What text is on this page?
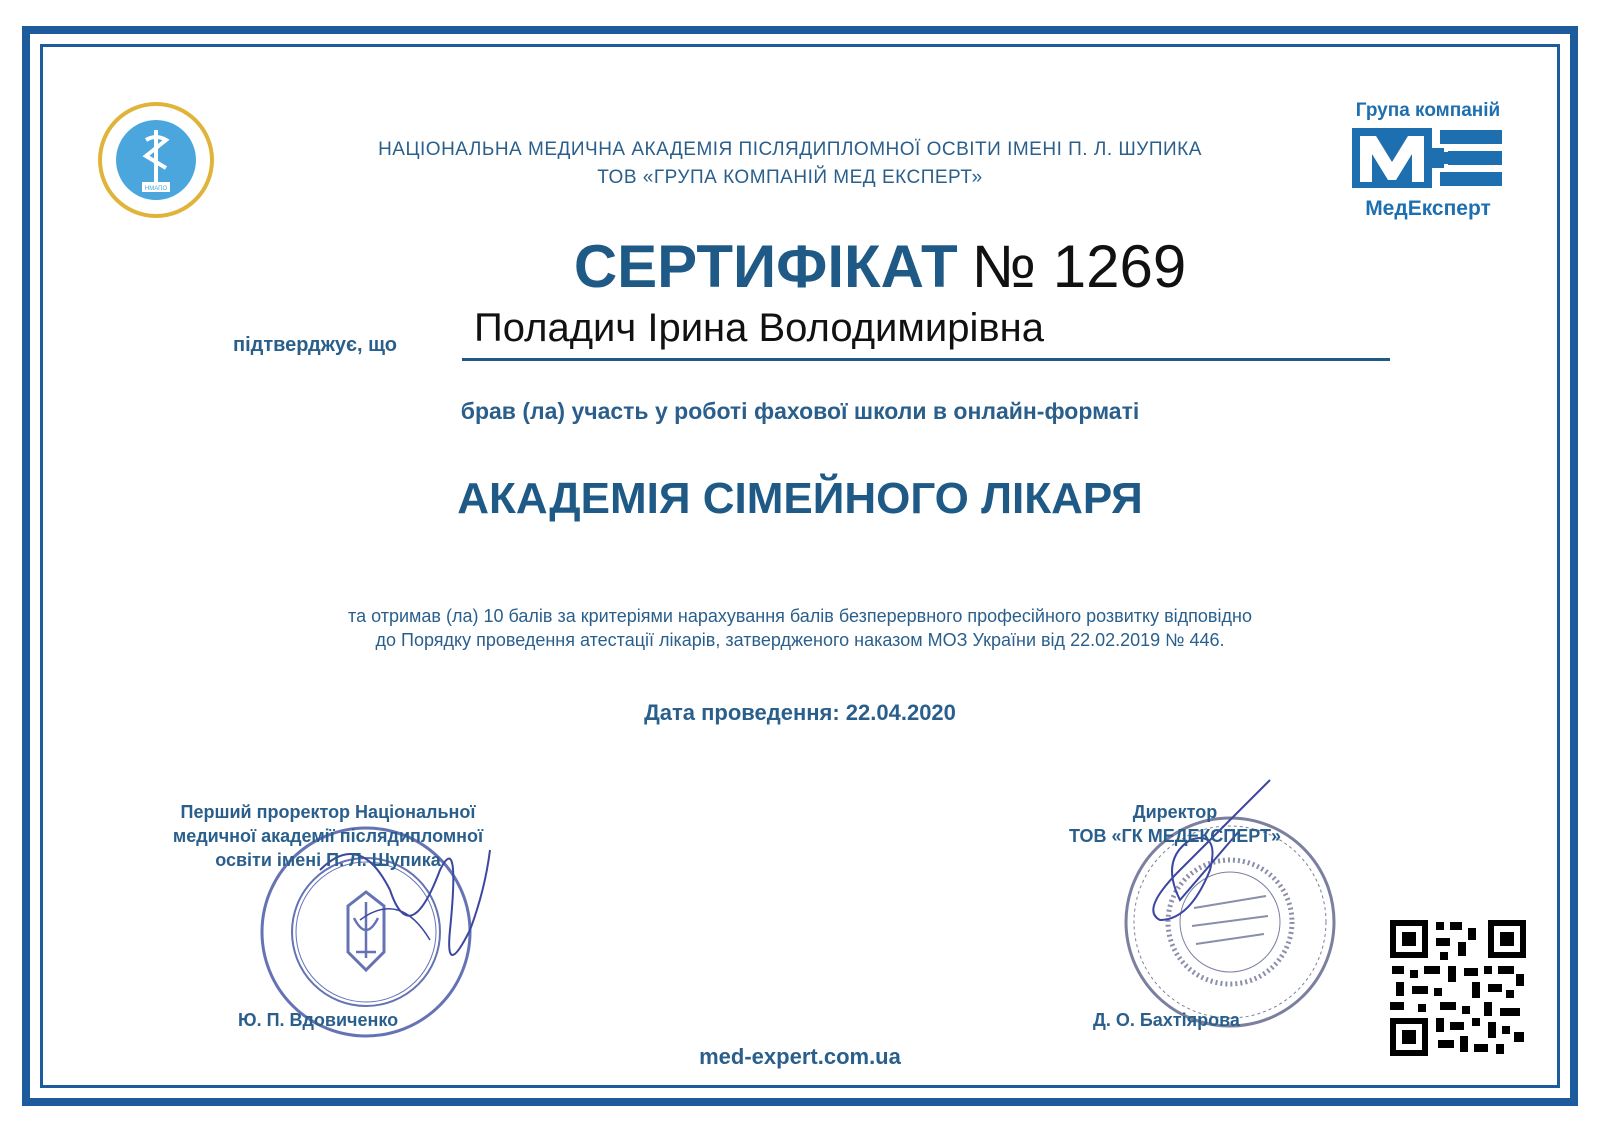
НМАПО
НАЦІОНАЛЬНА МЕДИЧНА АКАДЕМІЯ ПІСЛЯДИПЛОМНОЇ ОСВІТИ ІМЕНІ П. Л. ШУПИКА
ТОВ «ГРУПА КОМПАНІЙ МЕД ЕКСПЕРТ»
Група компаній
МедЕксперт
СЕРТИФІКАТ № 1269
підтверджує, що Поладич Ірина Володимирівна
брав (ла) участь у роботі фахової школи в онлайн-форматі
АКАДЕМІЯ СІМЕЙНОГО ЛІКАРЯ
та отримав (ла) 10 балів за критеріями нарахування балів безперервного професійного розвитку відповідно
до Порядку проведення атестації лікарів, затвердженого наказом МОЗ України від 22.02.2019 № 446.
Дата проведення: 22.04.2020
Перший проректор Національної
медичної академії післядипломної
освіти імені П. Л. Шупика
Ю. П. Вдовиченко
Директор
ТОВ «ГК МЕДЕКСПЕРТ»
Д. О. Бахтіярова
med-expert.com.ua
